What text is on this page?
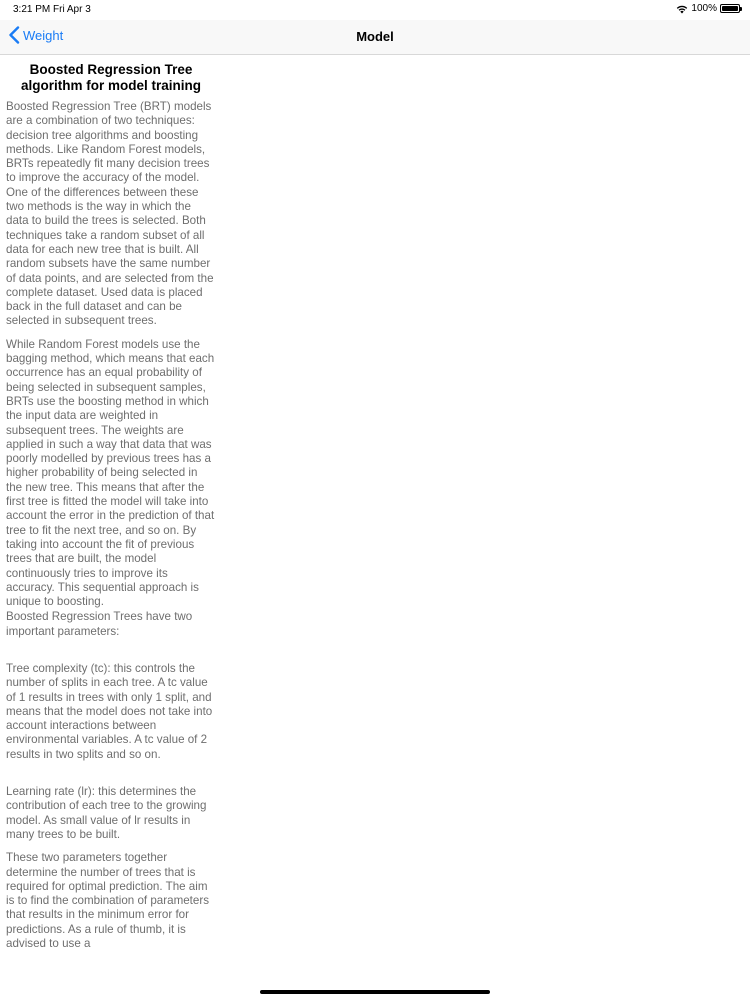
3:21 PM Fri Apr 3	100%
Weight	Model
Boosted Regression Tree algorithm for model training

Boosted Regression Tree (BRT) models are a combination of two techniques: decision tree algorithms and boosting methods. Like Random Forest models, BRTs repeatedly fit many decision trees to improve the accuracy of the model. One of the differences between these two methods is the way in which the data to build the trees is selected. Both techniques take a random subset of all data for each new tree that is built. All random subsets have the same number of data points, and are selected from the complete dataset. Used data is placed back in the full dataset and can be selected in subsequent trees.

While Random Forest models use the bagging method, which means that each occurrence has an equal probability of being selected in subsequent samples, BRTs use the boosting method in which the input data are weighted in subsequent trees. The weights are applied in such a way that data that was poorly modelled by previous trees has a higher probability of being selected in the new tree. This means that after the first tree is fitted the model will take into account the error in the prediction of that tree to fit the next tree, and so on. By taking into account the fit of previous trees that are built, the model continuously tries to improve its accuracy. This sequential approach is unique to boosting.

Boosted Regression Trees have two important parameters:

Tree complexity (tc): this controls the number of splits in each tree. A tc value of 1 results in trees with only 1 split, and means that the model does not take into account interactions between environmental variables. A tc value of 2 results in two splits and so on.

Learning rate (lr): this determines the contribution of each tree to the growing model. As small value of lr results in many trees to be built.

These two parameters together determine the number of trees that is required for optimal prediction. The aim is to find the combination of parameters that results in the minimum error for predictions. As a rule of thumb, it is advised to use a
